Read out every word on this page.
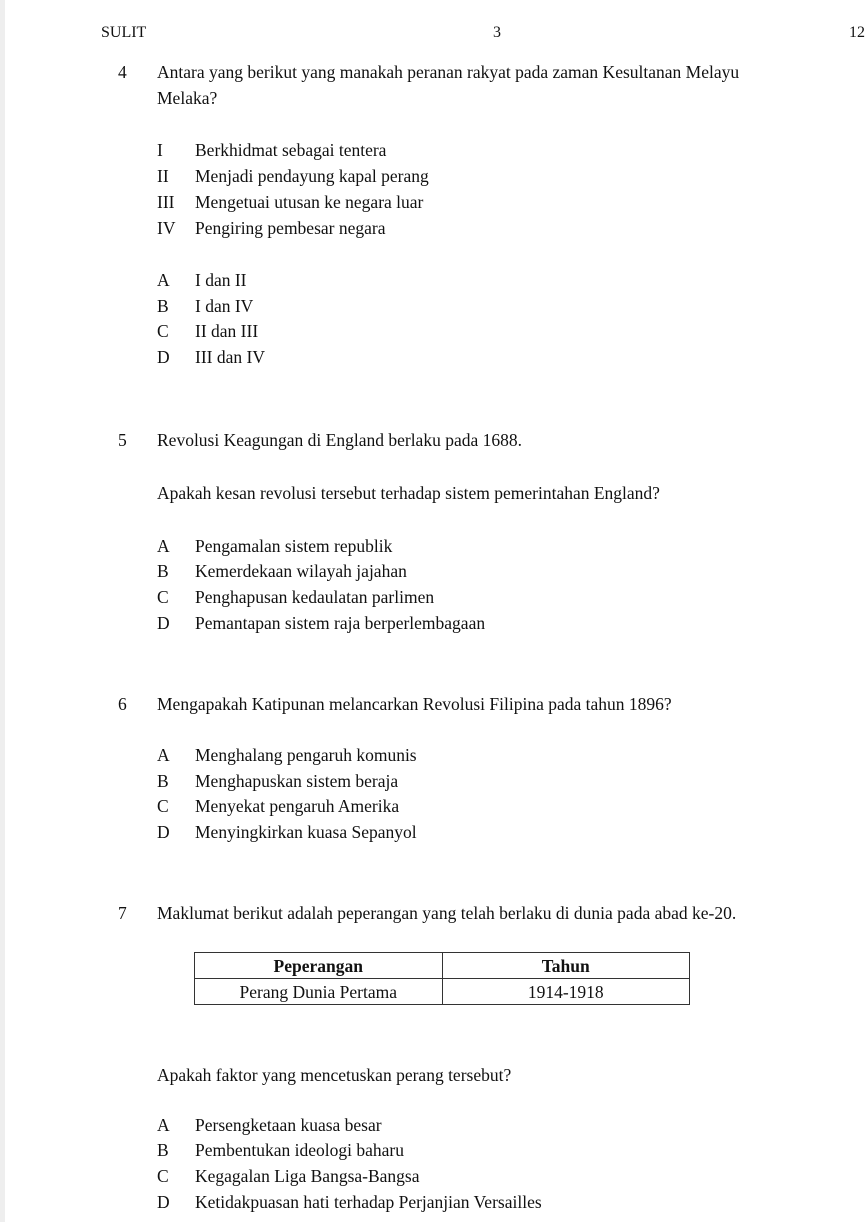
SULIT	3	12
4 Antara yang berikut yang manakah peranan rakyat pada zaman Kesultanan Melayu
Melaka?
I Berkhidmat sebagai tentera
II Menjadi pendayung kapal perang
III Mengetuai utusan ke negara luar
IV Pengiring pembesar negara
A I dan II
B I dan IV
C II dan III
D III dan IV
5 Revolusi Keagungan di England berlaku pada 1688.
Apakah kesan revolusi tersebut terhadap sistem pemerintahan England?
A Pengamalan sistem republik
B Kemerdekaan wilayah jajahan
C Penghapusan kedaulatan parlimen
D Pemantapan sistem raja berperlembagaan
6 Mengapakah Katipunan melancarkan Revolusi Filipina pada tahun 1896?
A Menghalang pengaruh komunis
B Menghapuskan sistem beraja
C Menyekat pengaruh Amerika
D Menyingkirkan kuasa Sepanyol
7 Maklumat berikut adalah peperangan yang telah berlaku di dunia pada abad ke-20.
Peperangan	Tahun
Perang Dunia Pertama	1914-1918
Apakah faktor yang mencetuskan perang tersebut?
A Persengketaan kuasa besar
B Pembentukan ideologi baharu
C Kegagalan Liga Bangsa-Bangsa
D Ketidakpuasan hati terhadap Perjanjian Versailles
